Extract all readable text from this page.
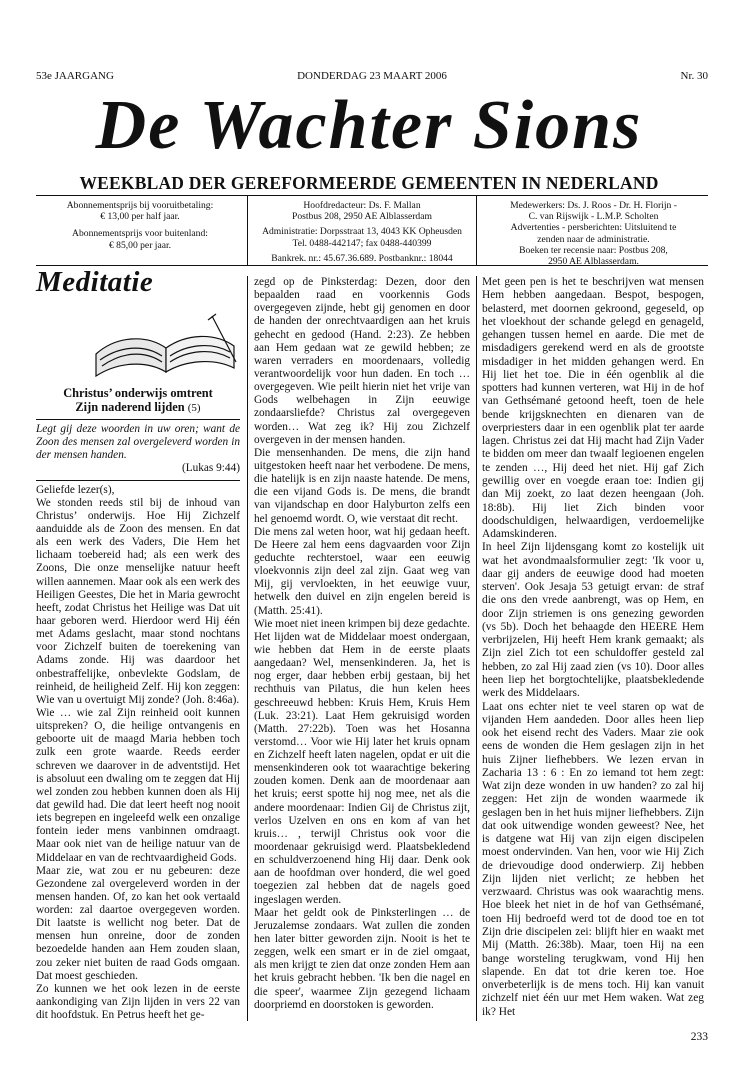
53e JAARGANG	DONDERDAG 23 MAART 2006	Nr. 30
De Wachter Sions
WEEKBLAD DER GEREFORMEERDE GEMEENTEN IN NEDERLAND

Abonnementsprijs bij vooruitbetaling:

€ 13,00 per half jaar.

Abonnementsprijs voor buitenland:

€ 85,00 per jaar.

Hoofdredacteur: Ds. F. Mallan

Postbus 208, 2950 AE Alblasserdam

Administratie: Dorpsstraat 13, 4043 KK Opheusden

Tel. 0488-442147; fax 0488-440399

Bankrek. nr.: 45.67.36.689. Postbanknr.: 18044

Medewerkers: Ds. J. Roos - Dr. H. Florijn -

C. van Rijswijk - L.M.P. Scholten

Advertenties - persberichten: Uitsluitend te

zenden naar de administratie.

Boeken ter recensie naar: Postbus 208,

2950 AE Alblasserdam.

Meditatie
Christus’ onderwijs omtrent
Zijn naderend lijden (5)

Legt gij deze woorden in uw oren; want de Zoon des mensen zal overgeleverd worden in der mensen handen.

(Lukas 9:44)

Geliefde lezer(s),

We stonden reeds stil bij de inhoud van Christus’ onderwijs. Hoe Hij Zichzelf aanduidde als de Zoon des mensen. En dat als een werk des Vaders, Die Hem het lichaam toebereid had; als een werk des Zoons, Die onze menselijke natuur heeft willen aannemen. Maar ook als een werk des Heiligen Geestes, Die het in Maria gewrocht heeft, zodat Christus het Heilige was Dat uit haar geboren werd. Hierdoor werd Hij één met Adams geslacht, maar stond nochtans voor Zichzelf buiten de toerekening van Adams zonde. Hij was daardoor het onbestraffelijke, onbevlekte Godslam, de reinheid, de heiligheid Zelf. Hij kon zeggen: Wie van u overtuigt Mij zonde? (Joh. 8:46a).

Wie … wie zal Zijn reinheid ooit kunnen uitspreken? O, die heilige ontvangenis en geboorte uit de maagd Maria hebben toch zulk een grote waarde. Reeds eerder schreven we daarover in de adventstijd. Het is absoluut een dwaling om te zeggen dat Hij wel zonden zou hebben kunnen doen als Hij dat gewild had. Die dat leert heeft nog nooit iets begrepen en ingeleefd welk een onzalige fontein ieder mens vanbinnen omdraagt. Maar ook niet van de heilige natuur van de Middelaar en van de rechtvaardigheid Gods.

Maar zie, wat zou er nu gebeuren: deze Gezondene zal overgeleverd worden in der mensen handen. Of, zo kan het ook vertaald worden: zal daartoe overgegeven worden. Dit laatste is wellicht nog beter. Dat de mensen hun onreine, door de zonden bezoedelde handen aan Hem zouden slaan, zou zeker niet buiten de raad Gods omgaan. Dat moest geschieden.

Zo kunnen we het ook lezen in de eerste aankondiging van Zijn lijden in vers 22 van dit hoofdstuk. En Petrus heeft het ge-

zegd op de Pinksterdag: Dezen, door den bepaalden raad en voorkennis Gods overgegeven zijnde, hebt gij genomen en door de handen der onrechtvaardigen aan het kruis gehecht en gedood (Hand. 2:23). Ze hebben aan Hem gedaan wat ze gewild hebben; ze waren verraders en moordenaars, volledig verantwoordelijk voor hun daden. En toch … overgegeven. Wie peilt hierin niet het vrije van Gods welbehagen in Zijn eeuwige zondaarsliefde? Christus zal overgegeven worden… Wat zeg ik? Hij zou Zichzelf overgeven in der mensen handen.

Die mensenhanden. De mens, die zijn hand uitgestoken heeft naar het verbodene. De mens, die hatelijk is en zijn naaste hatende. De mens, die een vijand Gods is. De mens, die brandt van vijandschap en door Halyburton zelfs een hel genoemd wordt. O, wie verstaat dit recht.

Die mens zal weten hoor, wat hij gedaan heeft. De Heere zal hem eens dagvaarden voor Zijn geduchte rechterstoel, waar een eeuwig vloekvonnis zijn deel zal zijn. Gaat weg van Mij, gij vervloekten, in het eeuwige vuur, hetwelk den duivel en zijn engelen bereid is (Matth. 25:41).

Wie moet niet ineen krimpen bij deze gedachte. Het lijden wat de Middelaar moest ondergaan, wie hebben dat Hem in de eerste plaats aangedaan? Wel, mensenkinderen. Ja, het is nog erger, daar hebben erbij gestaan, bij het rechthuis van Pilatus, die hun kelen hees geschreeuwd hebben: Kruis Hem, Kruis Hem (Luk. 23:21). Laat Hem gekruisigd worden (Matth. 27:22b). Toen was het Hosanna verstomd… Voor wie Hij later het kruis opnam en Zichzelf heeft laten nagelen, opdat er uit die mensenkinderen ook tot waarachtige bekering zouden komen. Denk aan de moordenaar aan het kruis; eerst spotte hij nog mee, net als die andere moordenaar: Indien Gij de Christus zijt, verlos Uzelven en ons en kom af van het kruis… , terwijl Christus ook voor die moordenaar gekruisigd werd. Plaatsbekledend en schuldverzoenend hing Hij daar. Denk ook aan de hoofdman over honderd, die wel goed toegezien zal hebben dat de nagels goed ingeslagen werden.

Maar het geldt ook de Pinksterlingen … de Jeruzalemse zondaars. Wat zullen die zonden hen later bitter geworden zijn. Nooit is het te zeggen, welk een smart er in de ziel omgaat, als men krijgt te zien dat onze zonden Hem aan het kruis gebracht hebben. 'Ik ben die nagel en die speer', waarmee Zijn gezegend lichaam doorpriemd en doorstoken is geworden.

Met geen pen is het te beschrijven wat mensen Hem hebben aangedaan. Bespot, bespogen, belasterd, met doornen gekroond, gegeseld, op het vloekhout der schande gelegd en genageld, gehangen tussen hemel en aarde. Die met de misdadigers gerekend werd en als de grootste misdadiger in het midden gehangen werd. En Hij liet het toe. Die in één ogenblik al die spotters had kunnen verteren, wat Hij in de hof van Gethsémané getoond heeft, toen de hele bende krijgsknechten en dienaren van de overpriesters daar in een ogenblik plat ter aarde lagen. Christus zei dat Hij macht had Zijn Vader te bidden om meer dan twaalf legioenen engelen te zenden …, Hij deed het niet. Hij gaf Zich gewillig over en voegde eraan toe: Indien gij dan Mij zoekt, zo laat dezen heengaan (Joh. 18:8b). Hij liet Zich binden voor doodschuldigen, helwaardigen, verdoemelijke Adamskinderen.

In heel Zijn lijdensgang komt zo kostelijk uit wat het avondmaalsformulier zegt: 'Ik voor u, daar gij anders de eeuwige dood had moeten sterven'. Ook Jesaja 53 getuigt ervan: de straf die ons den vrede aanbrengt, was op Hem, en door Zijn striemen is ons genezing geworden (vs 5b). Doch het behaagde den HEERE Hem verbrijzelen, Hij heeft Hem krank gemaakt; als Zijn ziel Zich tot een schuldoffer gesteld zal hebben, zo zal Hij zaad zien (vs 10). Door alles heen liep het borgtochtelijke, plaatsbekledende werk des Middelaars.

Laat ons echter niet te veel staren op wat de vijanden Hem aandeden. Door alles heen liep ook het eisend recht des Vaders. Maar zie ook eens de wonden die Hem geslagen zijn in het huis Zijner liefhebbers. We lezen ervan in Zacharia 13 : 6 : En zo iemand tot hem zegt: Wat zijn deze wonden in uw handen? zo zal hij zeggen: Het zijn de wonden waarmede ik geslagen ben in het huis mijner liefhebbers. Zijn dat ook uitwendige wonden geweest? Nee, het is datgene wat Hij van zijn eigen discipelen moest ondervinden. Van hen, voor wie Hij Zich de drievoudige dood onderwierp. Zij hebben Zijn lijden niet verlicht; ze hebben het verzwaard. Christus was ook waarachtig mens. Hoe bleek het niet in de hof van Gethsémané, toen Hij bedroefd werd tot de dood toe en tot Zijn drie discipelen zei: blijft hier en waakt met Mij (Matth. 26:38b). Maar, toen Hij na een bange worsteling terugkwam, vond Hij hen slapende. En dat tot drie keren toe. Hoe onverbeterlijk is de mens toch. Hij kan vanuit zichzelf niet één uur met Hem waken. Wat zeg ik? Het

233
